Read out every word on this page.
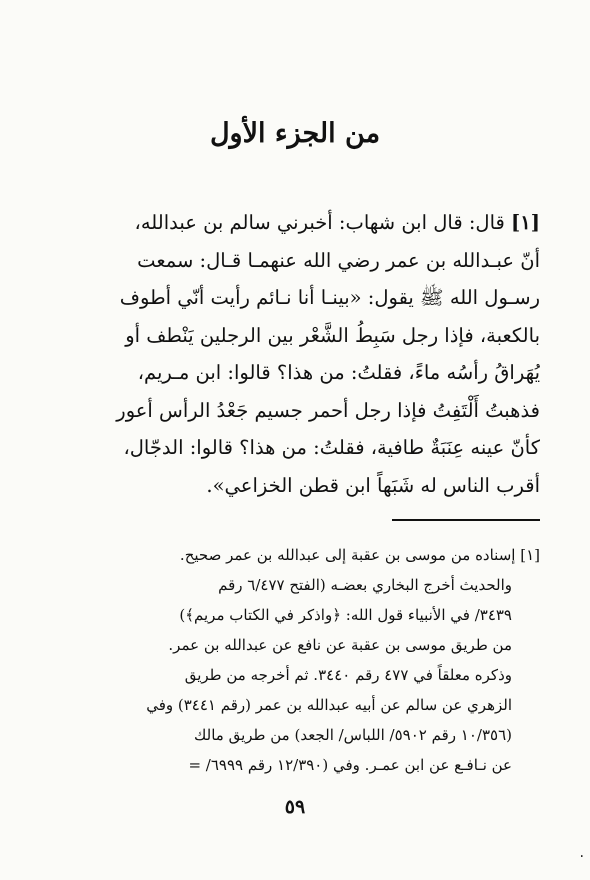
من الجزء الأول
[١] قال: قال ابن شهاب: أخبرني سالم بن عبدالله،
أنّ عبـدالله بن عمر رضي الله عنهمـا قـال: سمعت
رسـول الله ﷺ يقول: «بينـا أنا نـائم رأيت أنّي أطوف
بالكعبة، فإذا رجل سَبِطُ الشَّعْر بين الرجلين يَنْطف أو
يُهَراقُ رأسُه ماءً، فقلتُ: من هذا؟ قالوا: ابن مـريم،
فذهبتُ أَلْتَفِتُ فإذا رجل أحمر جسيم جَعْدُ الرأس أعور
كأنّ عينه عِنَبَةٌ طافية، فقلتُ: من هذا؟ قالوا: الدجّال،
أقرب الناس له شَبَهاً ابن قطن الخزاعي».
[١] إسناده من موسى بن عقبة إلى عبدالله بن عمر صحيح.
والحديث أخرج البخاري بعضـه (الفتح ٦/٤٧٧ رقم
٣٤٣٩/ في الأنبياء قول الله: ﴿واذكر في الكتاب مريم﴾)
من طريق موسى بن عقبة عن نافع عن عبدالله بن عمر.
وذكره معلقاً في ٤٧٧ رقم ٣٤٤٠. ثم أخرجه من طريق
الزهري عن سالم عن أبيه عبدالله بن عمر (رقم ٣٤٤١) وفي
(١٠/٣٥٦ رقم ٥٩٠٢/ اللباس/ الجعد) من طريق مالك
عن نـافـع عن ابن عمـر. وفي (١٢/٣٩٠ رقم ٦٩٩٩/ =
٥٩
٠
